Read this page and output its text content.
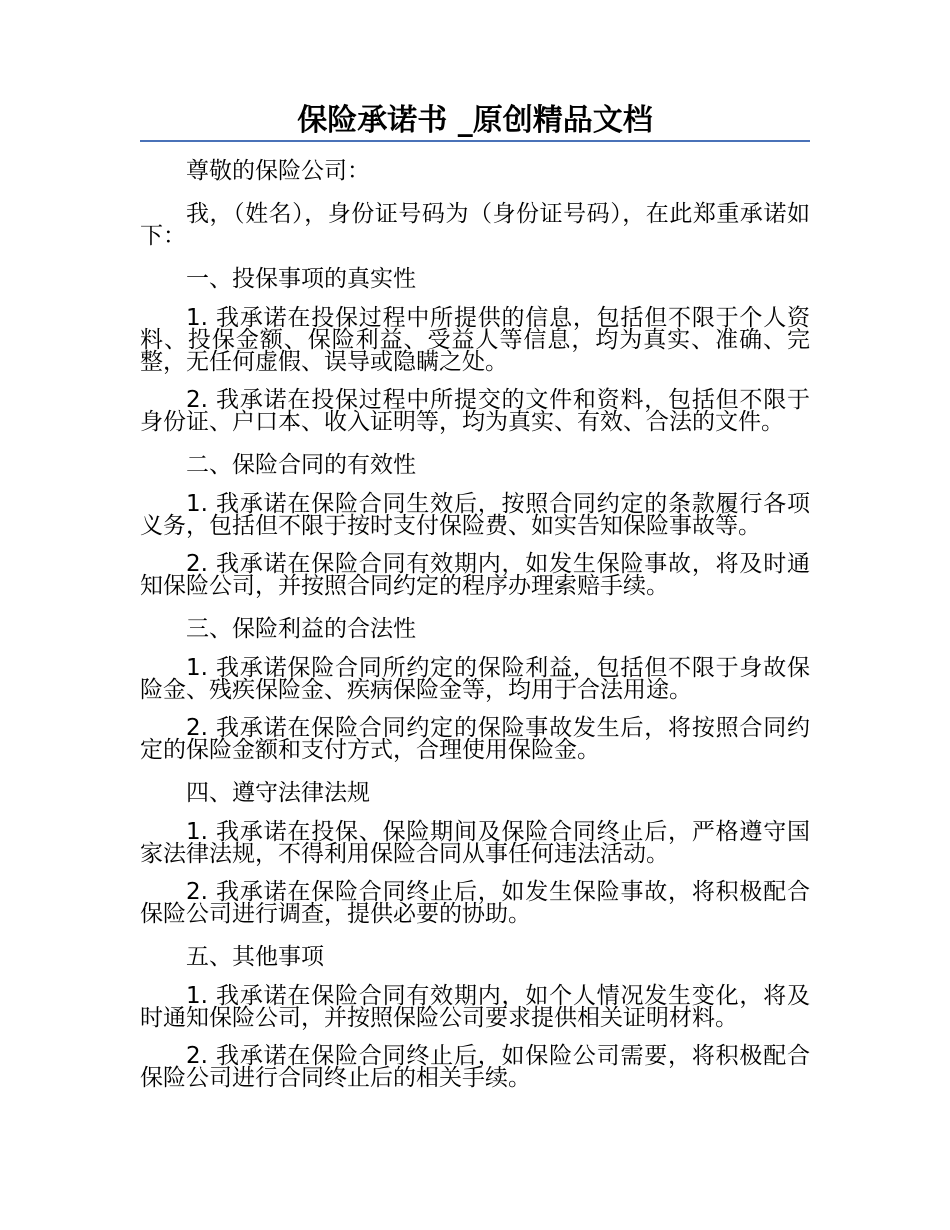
保险承诺书 _原创精品文档

尊敬的保险公司：

我，（姓名），身份证号码为（身份证号码），在此郑重承诺如下：

一、投保事项的真实性

1. 我承诺在投保过程中所提供的信息，包括但不限于个人资料、投保金额、保险利益、受益人等信息，均为真实、准确、完整，无任何虚假、误导或隐瞒之处。

2. 我承诺在投保过程中所提交的文件和资料，包括但不限于身份证、户口本、收入证明等，均为真实、有效、合法的文件。

二、保险合同的有效性

1. 我承诺在保险合同生效后，按照合同约定的条款履行各项义务，包括但不限于按时支付保险费、如实告知保险事故等。

2. 我承诺在保险合同有效期内，如发生保险事故，将及时通知保险公司，并按照合同约定的程序办理索赔手续。

三、保险利益的合法性

1. 我承诺保险合同所约定的保险利益，包括但不限于身故保险金、残疾保险金、疾病保险金等，均用于合法用途。

2. 我承诺在保险合同约定的保险事故发生后，将按照合同约定的保险金额和支付方式，合理使用保险金。

四、遵守法律法规

1. 我承诺在投保、保险期间及保险合同终止后，严格遵守国家法律法规，不得利用保险合同从事任何违法活动。

2. 我承诺在保险合同终止后，如发生保险事故，将积极配合保险公司进行调查，提供必要的协助。

五、其他事项

1. 我承诺在保险合同有效期内，如个人情况发生变化，将及时通知保险公司，并按照保险公司要求提供相关证明材料。

2. 我承诺在保险合同终止后，如保险公司需要，将积极配合保险公司进行合同终止后的相关手续。
